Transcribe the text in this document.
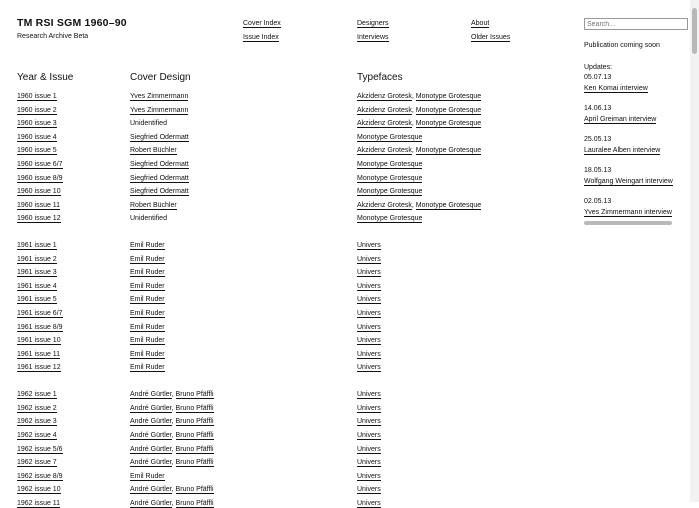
TM RSI SGM 1960–90
Research Archive Beta
Cover Index
Issue Index
Designers
Interviews
About
Older Issues
Search...
Publication coming soon
Updates:
05.07.13
Ken Komai interview
14.06.13
April Greiman interview
25.05.13
Lauralee Alben interview
18.05.13
Wolfgang Weingart interview
02.05.13
Yves Zimmermann interview
Year & Issue	Cover Design	Typefaces
1960 issue 1	Yves Zimmermann	Akzidenz Grotesk, Monotype Grotesque
1960 issue 2	Yves Zimmermann	Akzidenz Grotesk, Monotype Grotesque
1960 issue 3	Unidentified	Akzidenz Grotesk, Monotype Grotesque
1960 issue 4	Siegfried Odermatt	Monotype Grotesque
1960 issue 5	Robert Büchler	Akzidenz Grotesk, Monotype Grotesque
1960 issue 6/7	Siegfried Odermatt	Monotype Grotesque
1960 issue 8/9	Siegfried Odermatt	Monotype Grotesque
1960 issue 10	Siegfried Odermatt	Monotype Grotesque
1960 issue 11	Robert Büchler	Akzidenz Grotesk, Monotype Grotesque
1960 issue 12	Unidentified	Monotype Grotesque
1961 issue 1	Emil Ruder	Univers
1961 issue 2	Emil Ruder	Univers
1961 issue 3	Emil Ruder	Univers
1961 issue 4	Emil Ruder	Univers
1961 issue 5	Emil Ruder	Univers
1961 issue 6/7	Emil Ruder	Univers
1961 issue 8/9	Emil Ruder	Univers
1961 issue 10	Emil Ruder	Univers
1961 issue 11	Emil Ruder	Univers
1961 issue 12	Emil Ruder	Univers
1962 issue 1	André Gürtler, Bruno Pfäffli	Univers
1962 issue 2	André Gürtler, Bruno Pfäffli	Univers
1962 issue 3	André Gürtler, Bruno Pfäffli	Univers
1962 issue 4	André Gürtler, Bruno Pfäffli	Univers
1962 issue 5/6	André Gürtler, Bruno Pfäffli	Univers
1962 issue 7	André Gürtler, Bruno Pfäffli	Univers
1962 issue 8/9	Emil Ruder	Univers
1962 issue 10	André Gürtler, Bruno Pfäffli	Univers
1962 issue 11	André Gürtler, Bruno Pfäffli	Univers
